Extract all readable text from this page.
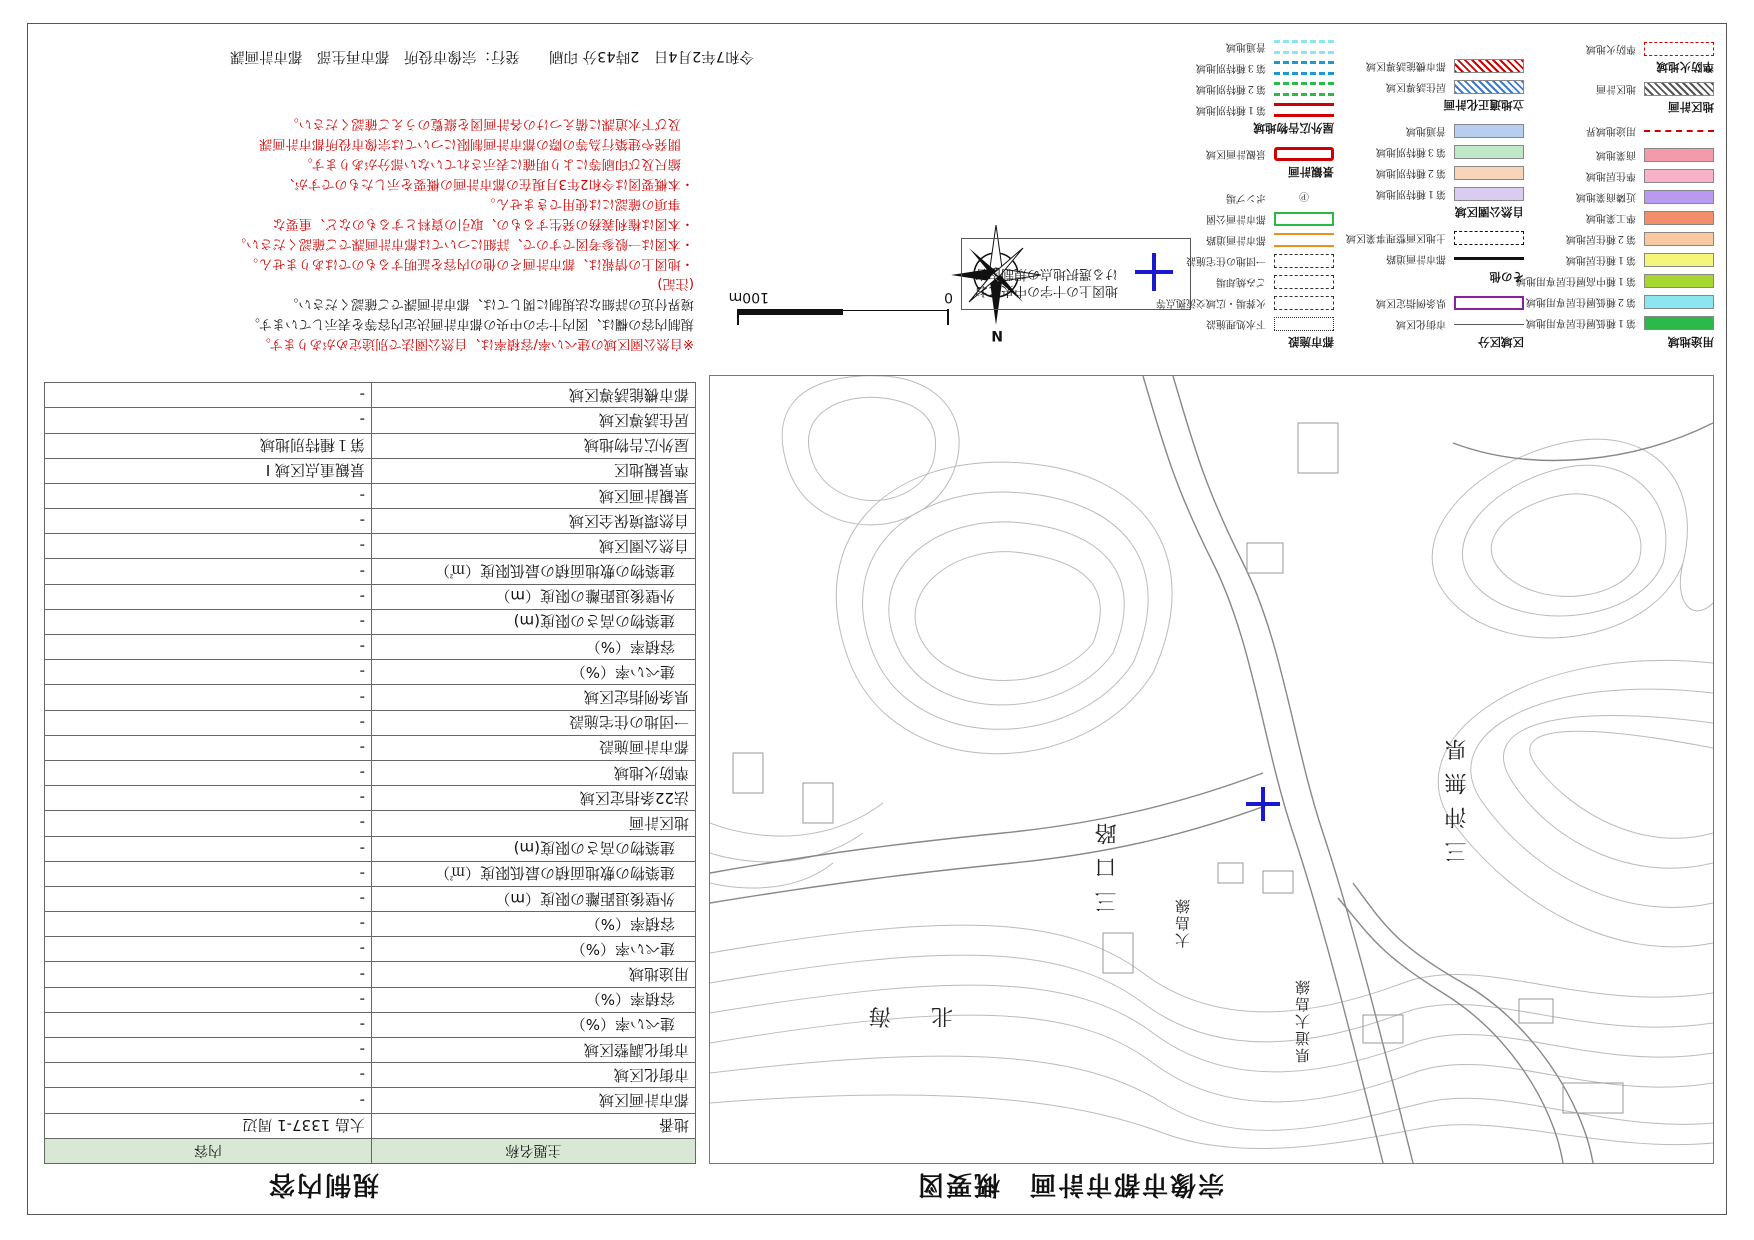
宗像市都市計画　概要図
規制内容
三口路	三沖無県
北海
大島線
県道大島線
主題名称	内容
地番	大島 1337-1 周辺
都市計画区域	-
市街化区域	-
市街化調整区域	-
建ぺい率（%）	-
容積率（%）	-
用途地域	-
建ぺい率（%）	-
容積率（%）	-
外壁後退距離の限度（m）	-
建築物の敷地面積の最低限度（㎡）	-
建築物の高さの限度(m)	-
地区計画	-
法22条指定区域	-
準防火地域	-
都市計画施設	-
一団地の住宅施設	-
県条例指定区域	-
建ぺい率（%）	-
容積率（%）	-
建築物の高さの限度(m)	-
外壁後退距離の限度（m）	-
建築物の敷地面積の最低限度（㎡）	-
自然公園区域	-
自然環境保全区域	-
景観計画区域	-
準景観地区	景観重点区域 I
屋外広告物地域	第１種特別地域
居住誘導区域	-
都市機能誘導区域	-
0
100m
N
地図上の十字の中央における選択地点の規制内容
用途地域
第１種低層住居専用地域
第２種低層住居専用地域
第１種中高層住居専用地域
第１種住居地域
第２種住居地域
準工業地域
近隣商業地域
準住居地域
商業地域
用途地域界
地区計画
地区計画
準防火地域
準防火地域
区域区分
市街化区域
県条例指定区域
その他
都市計画道路
土地区画整理事業区域
自然公園区域
第１種特別地域
第２種特別地域
第３種特別地域
普通地域
立地適正化計画
居住誘導区域
都市機能誘導区域
都市施設
下水処理施設
火葬場・広域交流拠点等
ごみ焼却場
一団地の住宅施設
都市計画道路
都市計画公園
Ⓟポンプ場
景観計画
景観計画区域
屋外広告物地域
第１種特別地域
第２種特別地域
第３種特別地域
普通地域
※自然公園区域の建ぺい率/容積率は、自然公園法で別途定めがあります。
規制内容の欄は、図内十字の中央の都市計画決定内容等を表示しています。
境界付近の詳細な法規制に関しては、都市計画課でご確認ください。
(注記)
・地図上の情報は、都市計画その他の内容を証明するものではありません。
・本図は一般参考図ですので、詳細については都市計画課でご確認ください。
・本図は権利義務の発生するもの、取引の資料とするものなど、重要な
　事項の確認には使用できません。
・本概要図は令和2年3月現在の都市計画の概要を示したものですが、
　縮尺及び印刷等により明確に表示されていない部分があります。
　開発や建築行為等の際の都市計画制限については宗像市役所都市計画課
　及び下水道課に備えつけの各計画図を縦覧のうえご確認ください。
令和7年2月4日　2時43分 印刷　　発行：宗像市役所　都市再生部　都市計画課
